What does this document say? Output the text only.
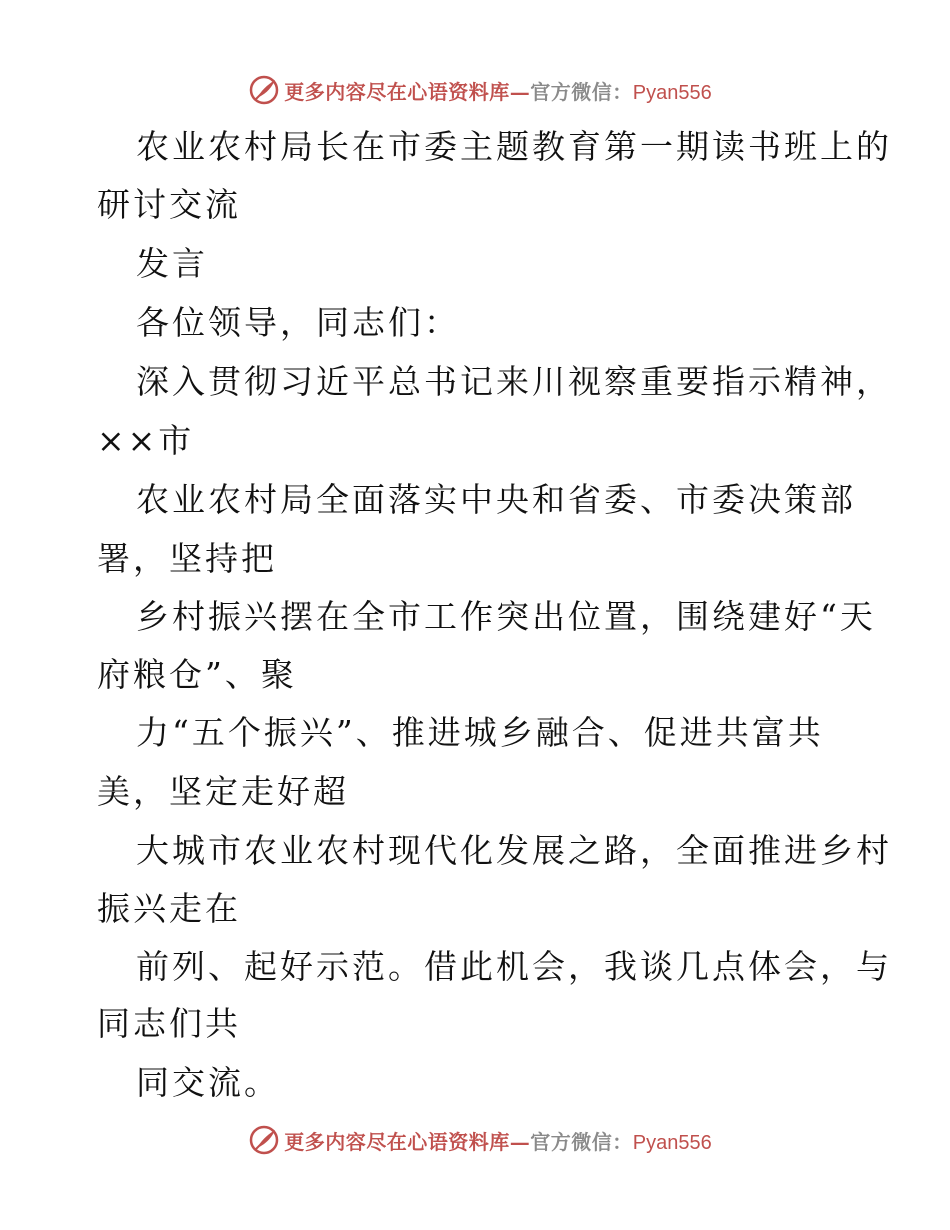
更多内容尽在心语资料库—官方微信：Pyan556
农业农村局长在市委主题教育第一期读书班上的
研讨交流
发言
各位领导，同志们：
深入贯彻习近平总书记来川视察重要指示精神，
××市
农业农村局全面落实中央和省委、市委决策部
署，坚持把
乡村振兴摆在全市工作突出位置，围绕建好“天
府粮仓”、聚
力“五个振兴”、推进城乡融合、促进共富共
美，坚定走好超
大城市农业农村现代化发展之路，全面推进乡村
振兴走在
前列、起好示范。借此机会，我谈几点体会，与
同志们共
同交流。
更多内容尽在心语资料库—官方微信：Pyan556
